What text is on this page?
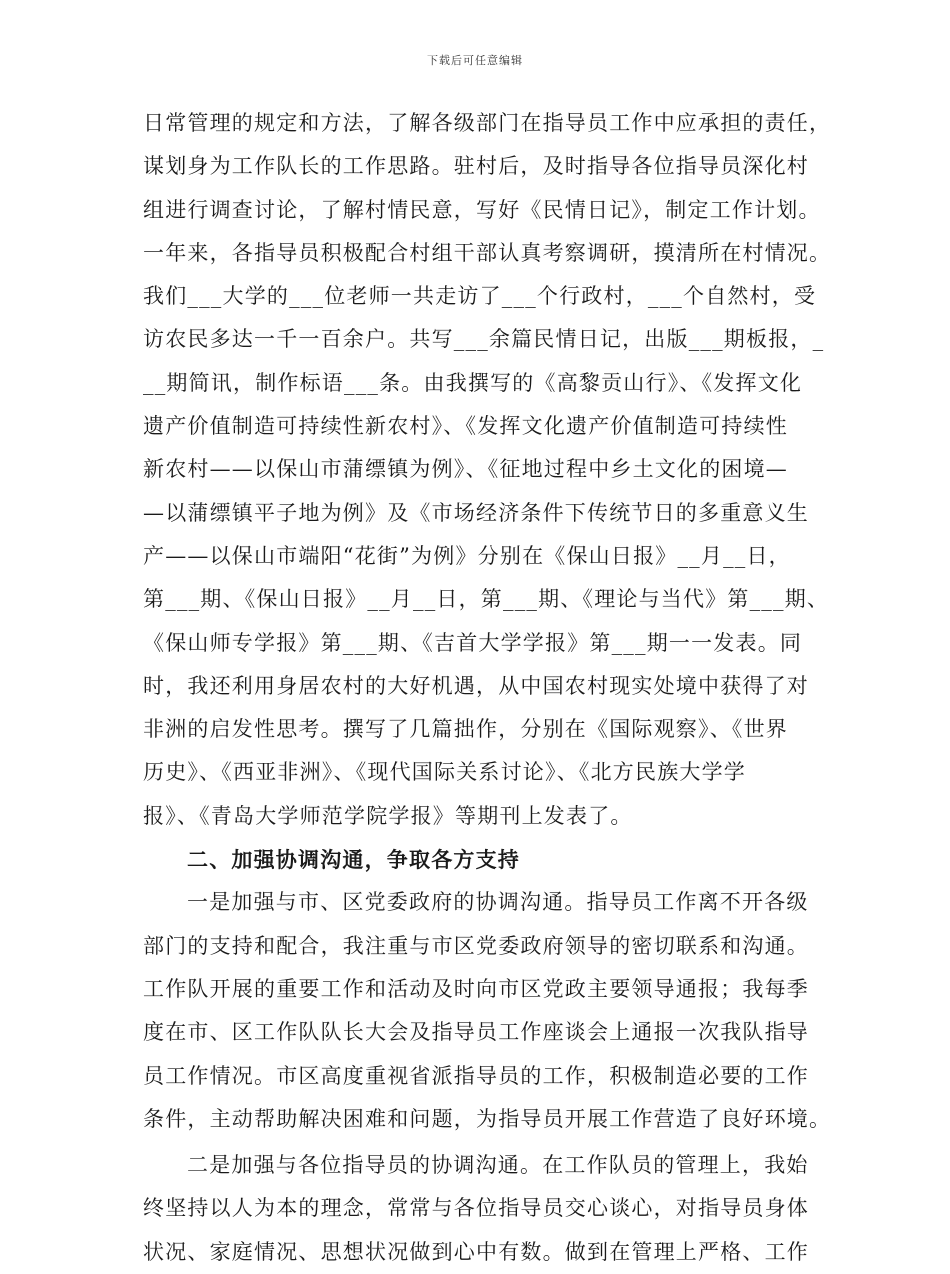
下载后可任意编辑
日常管理的规定和方法，了解各级部门在指导员工作中应承担的责任，
谋划身为工作队长的工作思路。驻村后，及时指导各位指导员深化村
组进行调查讨论，了解村情民意，写好《民情日记》，制定工作计划。
一年来，各指导员积极配合村组干部认真考察调研，摸清所在村情况。
我们___大学的___位老师一共走访了___个行政村，___个自然村，受
访农民多达一千一百余户。共写___余篇民情日记，出版___期板报，_
__期简讯，制作标语___条。由我撰写的《高黎贡山行》、《发挥文化
遗产价值制造可持续性新农村》、《发挥文化遗产价值制造可持续性
新农村——以保山市蒲缥镇为例》、《征地过程中乡土文化的困境—
—以蒲缥镇平子地为例》及《市场经济条件下传统节日的多重意义生
产——以保山市端阳“花街”为例》分别在《保山日报》__月__日，
第___期、《保山日报》__月__日，第___期、《理论与当代》第___期、
《保山师专学报》第___期、《吉首大学学报》第___期一一发表。同
时，我还利用身居农村的大好机遇，从中国农村现实处境中获得了对
非洲的启发性思考。撰写了几篇拙作，分别在《国际观察》、《世界
历史》、《西亚非洲》、《现代国际关系讨论》、《北方民族大学学
报》、《青岛大学师范学院学报》等期刊上发表了。
二、加强协调沟通，争取各方支持
一是加强与市、区党委政府的协调沟通。指导员工作离不开各级
部门的支持和配合，我注重与市区党委政府领导的密切联系和沟通。
工作队开展的重要工作和活动及时向市区党政主要领导通报；我每季
度在市、区工作队队长大会及指导员工作座谈会上通报一次我队指导
员工作情况。市区高度重视省派指导员的工作，积极制造必要的工作
条件，主动帮助解决困难和问题，为指导员开展工作营造了良好环境。
二是加强与各位指导员的协调沟通。在工作队员的管理上，我始
终坚持以人为本的理念，常常与各位指导员交心谈心，对指导员身体
状况、家庭情况、思想状况做到心中有数。做到在管理上严格、工作
